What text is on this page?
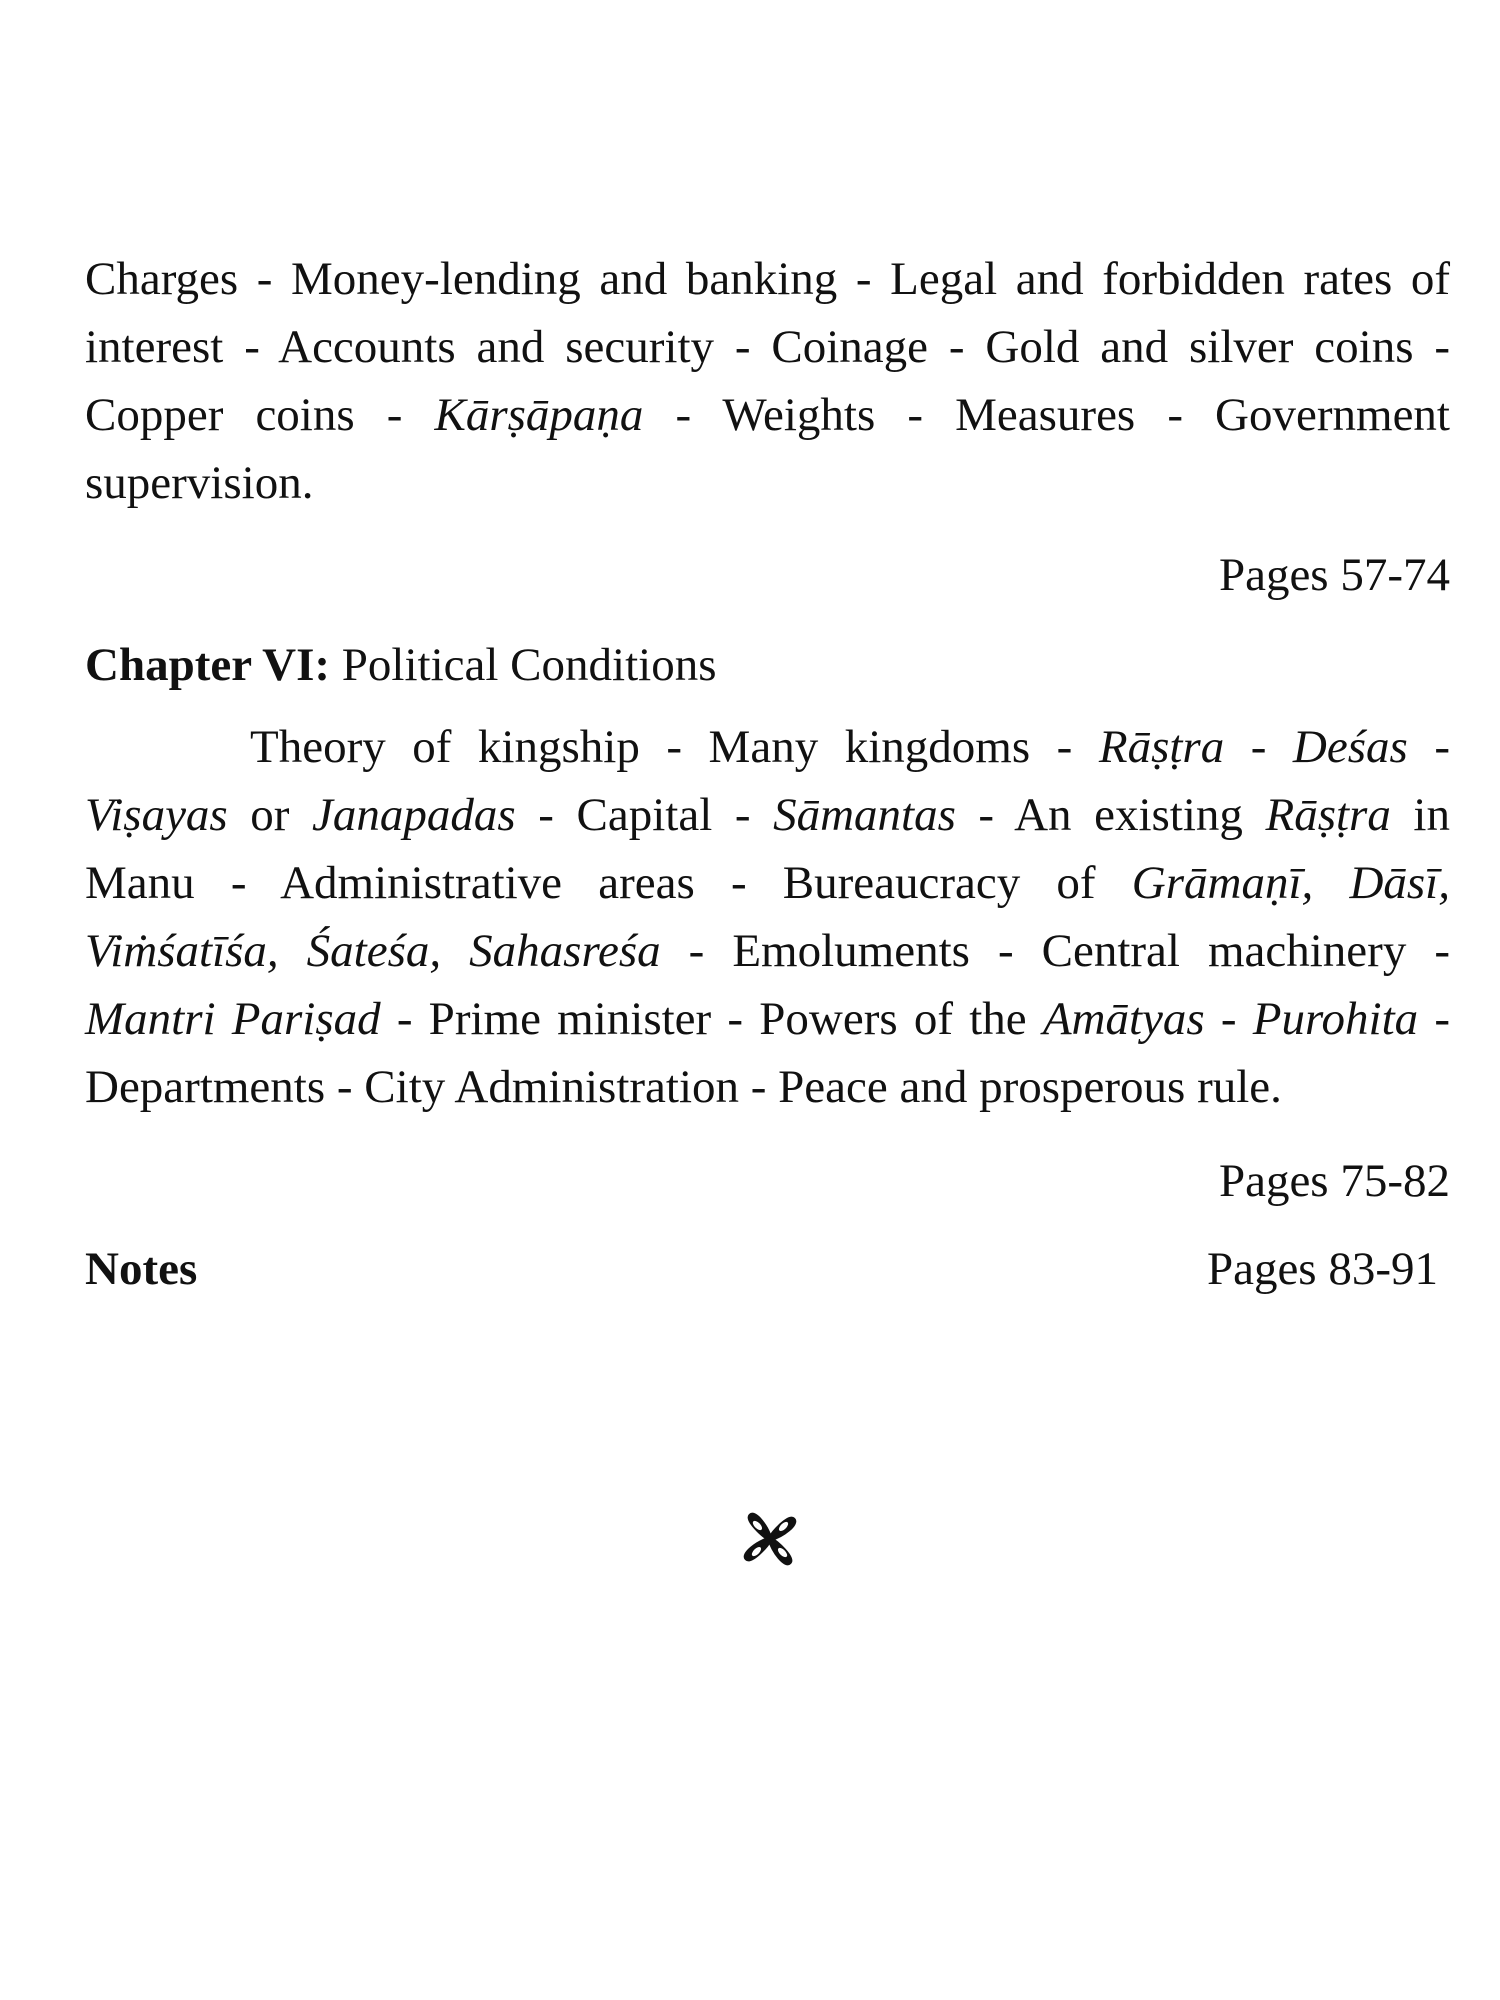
Charges - Money-lending and banking - Legal and forbidden rates of interest - Accounts and security - Coinage - Gold and silver coins - Copper coins - Kārṣāpaṇa - Weights - Measures - Government supervision.

Pages 57-74
Chapter VI: Political Conditions

Theory of kingship - Many kingdoms - Rāṣṭra - Deśas - Viṣayas or Janapadas - Capital - Sāmantas - An existing Rāṣṭra in Manu - Administrative areas - Bureaucracy of Grāmaṇī, Dāsī, Viṁśatīśa, Śateśa, Sahasreśa - Emoluments - Central machinery - Mantri Pariṣad - Prime minister - Powers of the Amātyas - Purohita - Departments - City Administration - Peace and prosperous rule.

Pages 75-82
Notes	Pages 83-91
